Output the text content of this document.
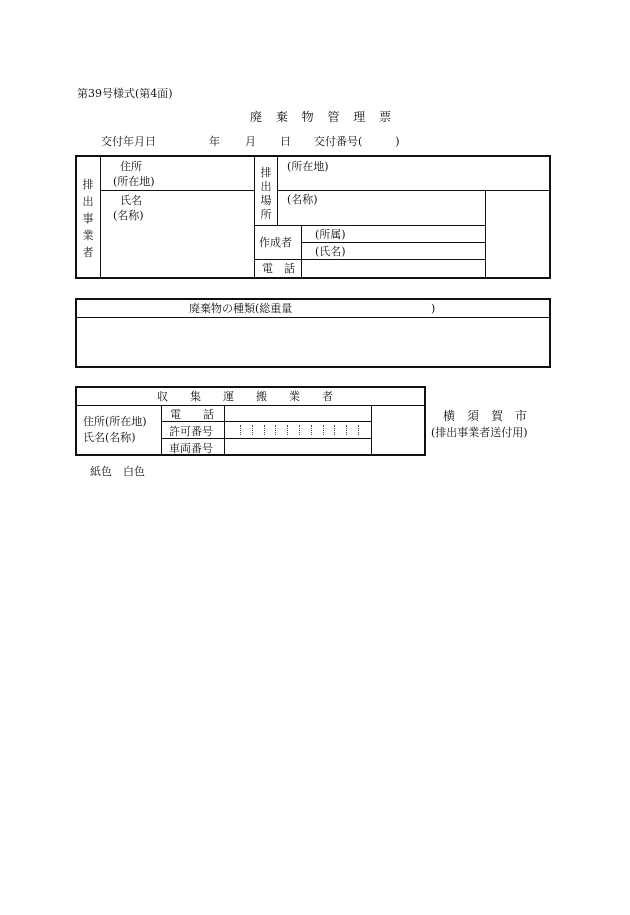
第39号様式(第4面)
廃 棄 物 管 理 票
交付年月日	年 月 日 交付番号(　　　)
排
出
事
業
者
住所
(所在地)
氏名
(名称)
排
出
場
所
(所在地)
(名称)
作成者
(所属)
(氏名)
電　話
廃棄物の種類(総重量	)
収　　集　　運　　搬　　業　　者
住所(所在地)
氏名(名称)
電　　話
許可番号
車両番号
横　須　賀　市
(排出事業者送付用)
紙色　白色
